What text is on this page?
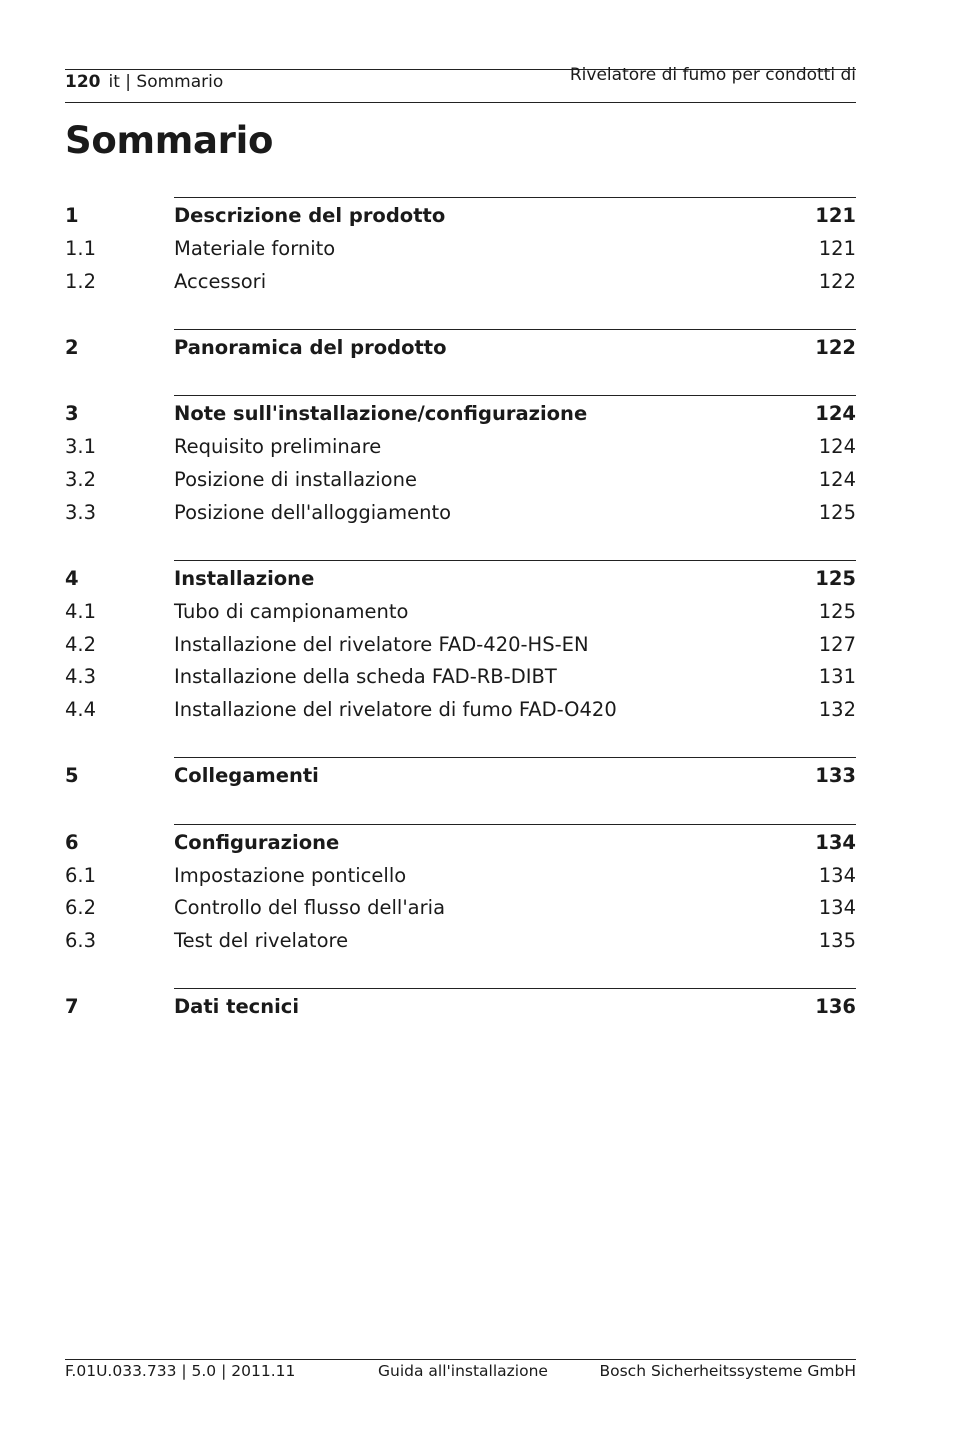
120 it | Sommario	Rivelatore di fumo per condotti di
Sommario
1	Descrizione del prodotto	121
1.1	Materiale fornito	121
1.2	Accessori	122
2	Panoramica del prodotto	122
3	Note sull'installazione/configurazione	124
3.1	Requisito preliminare	124
3.2	Posizione di installazione	124
3.3	Posizione dell'alloggiamento	125
4	Installazione	125
4.1	Tubo di campionamento	125
4.2	Installazione del rivelatore FAD-420-HS-EN	127
4.3	Installazione della scheda FAD-RB-DIBT	131
4.4	Installazione del rivelatore di fumo FAD-O420	132
5	Collegamenti	133
6	Configurazione	134
6.1	Impostazione ponticello	134
6.2	Controllo del flusso dell'aria	134
6.3	Test del rivelatore	135
7	Dati tecnici	136
F.01U.033.733 | 5.0 | 2011.11	Guida all'installazione	Bosch Sicherheitssysteme GmbH
